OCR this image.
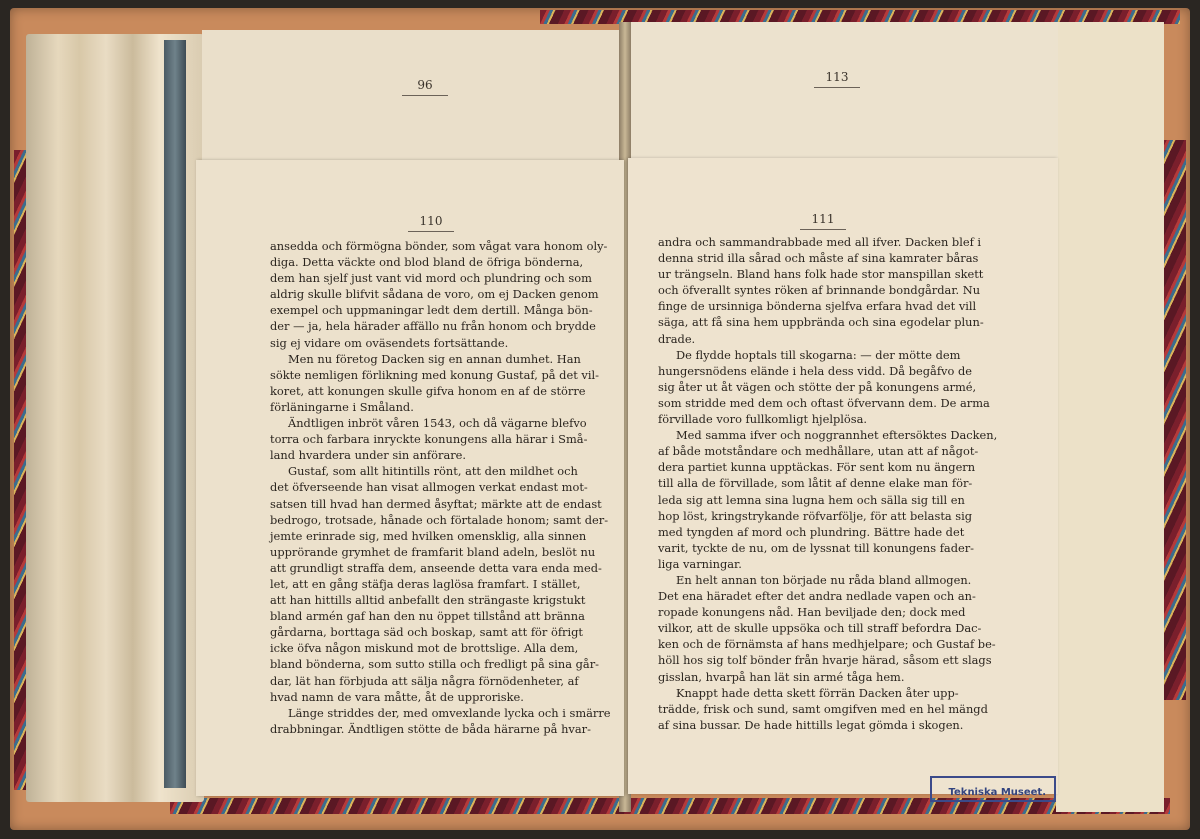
96
113
110

ansedda och förmögna bönder, som vågat vara honom oly-

diga. Detta väckte ond blod bland de öfriga bönderna,

dem han sjelf just vant vid mord och plundring och som

aldrig skulle blifvit sådana de voro, om ej Dacken genom

exempel och uppmaningar ledt dem dertill. Många bön-

der — ja, hela härader affällo nu från honom och brydde

sig ej vidare om oväsendets fortsättande.

Men nu företog Dacken sig en annan dumhet. Han

sökte nemligen förlikning med konung Gustaf, på det vil-

koret, att konungen skulle gifva honom en af de större

förläningarne i Småland.

Ändtligen inbröt våren 1543, och då vägarne blefvo

torra och farbara inryckte konungens alla härar i Små-

land hvardera under sin anförare.

Gustaf, som allt hitintills rönt, att den mildhet och

det öfverseende han visat allmogen verkat endast mot-

satsen till hvad han dermed åsyftat; märkte att de endast

bedrogo, trotsade, hånade och förtalade honom; samt der-

jemte erinrade sig, med hvilken omensklig, alla sinnen

upprörande grymhet de framfarit bland adeln, beslöt nu

att grundligt straffa dem, anseende detta vara enda med-

let, att en gång stäfja deras laglösa framfart. I stället,

att han hittills alltid anbefallt den strängaste krigstukt

bland armén gaf han den nu öppet tillstånd att bränna

gårdarna, borttaga säd och boskap, samt att för öfrigt

icke öfva någon miskund mot de brottslige. Alla dem,

bland bönderna, som sutto stilla och fredligt på sina går-

dar, lät han förbjuda att sälja några förnödenheter, af

hvad namn de vara måtte, åt de upproriske.

Länge striddes der, med omvexlande lycka och i smärre

drabbningar. Ändtligen stötte de båda härarne på hvar-

111

andra och sammandrabbade med all ifver. Dacken blef i

denna strid illa sårad och måste af sina kamrater båras

ur trängseln. Bland hans folk hade stor manspillan skett

och öfverallt syntes röken af brinnande bondgårdar. Nu

finge de ursinniga bönderna sjelfva erfara hvad det vill

säga, att få sina hem uppbrända och sina egodelar plun-

drade.

De flydde hoptals till skogarna: — der mötte dem

hungersnödens elände i hela dess vidd. Då begåfvo de

sig åter ut åt vägen och stötte der på konungens armé,

som stridde med dem och oftast öfvervann dem. De arma

förvillade voro fullkomligt hjelplösa.

Med samma ifver och noggrannhet eftersöktes Dacken,

af både motståndare och medhållare, utan att af något-

dera partiet kunna upptäckas. För sent kom nu ängern

till alla de förvillade, som låtit af denne elake man för-

leda sig att lemna sina lugna hem och sälla sig till en

hop löst, kringstrykande röfvarfölje, för att belasta sig

med tyngden af mord och plundring. Bättre hade det

varit, tyckte de nu, om de lyssnat till konungens fader-

liga varningar.

En helt annan ton började nu råda bland allmogen.

Det ena häradet efter det andra nedlade vapen och an-

ropade konungens nåd. Han beviljade den; dock med

vilkor, att de skulle uppsöka och till straff befordra Dac-

ken och de förnämsta af hans medhjelpare; och Gustaf be-

höll hos sig tolf bönder från hvarje härad, såsom ett slags

gisslan, hvarpå han lät sin armé tåga hem.

Knappt hade detta skett förrän Dacken åter upp-

trädde, frisk och sund, samt omgifven med en hel mängd

af sina bussar. De hade hittills legat gömda i skogen.

Tekniska Museet.
